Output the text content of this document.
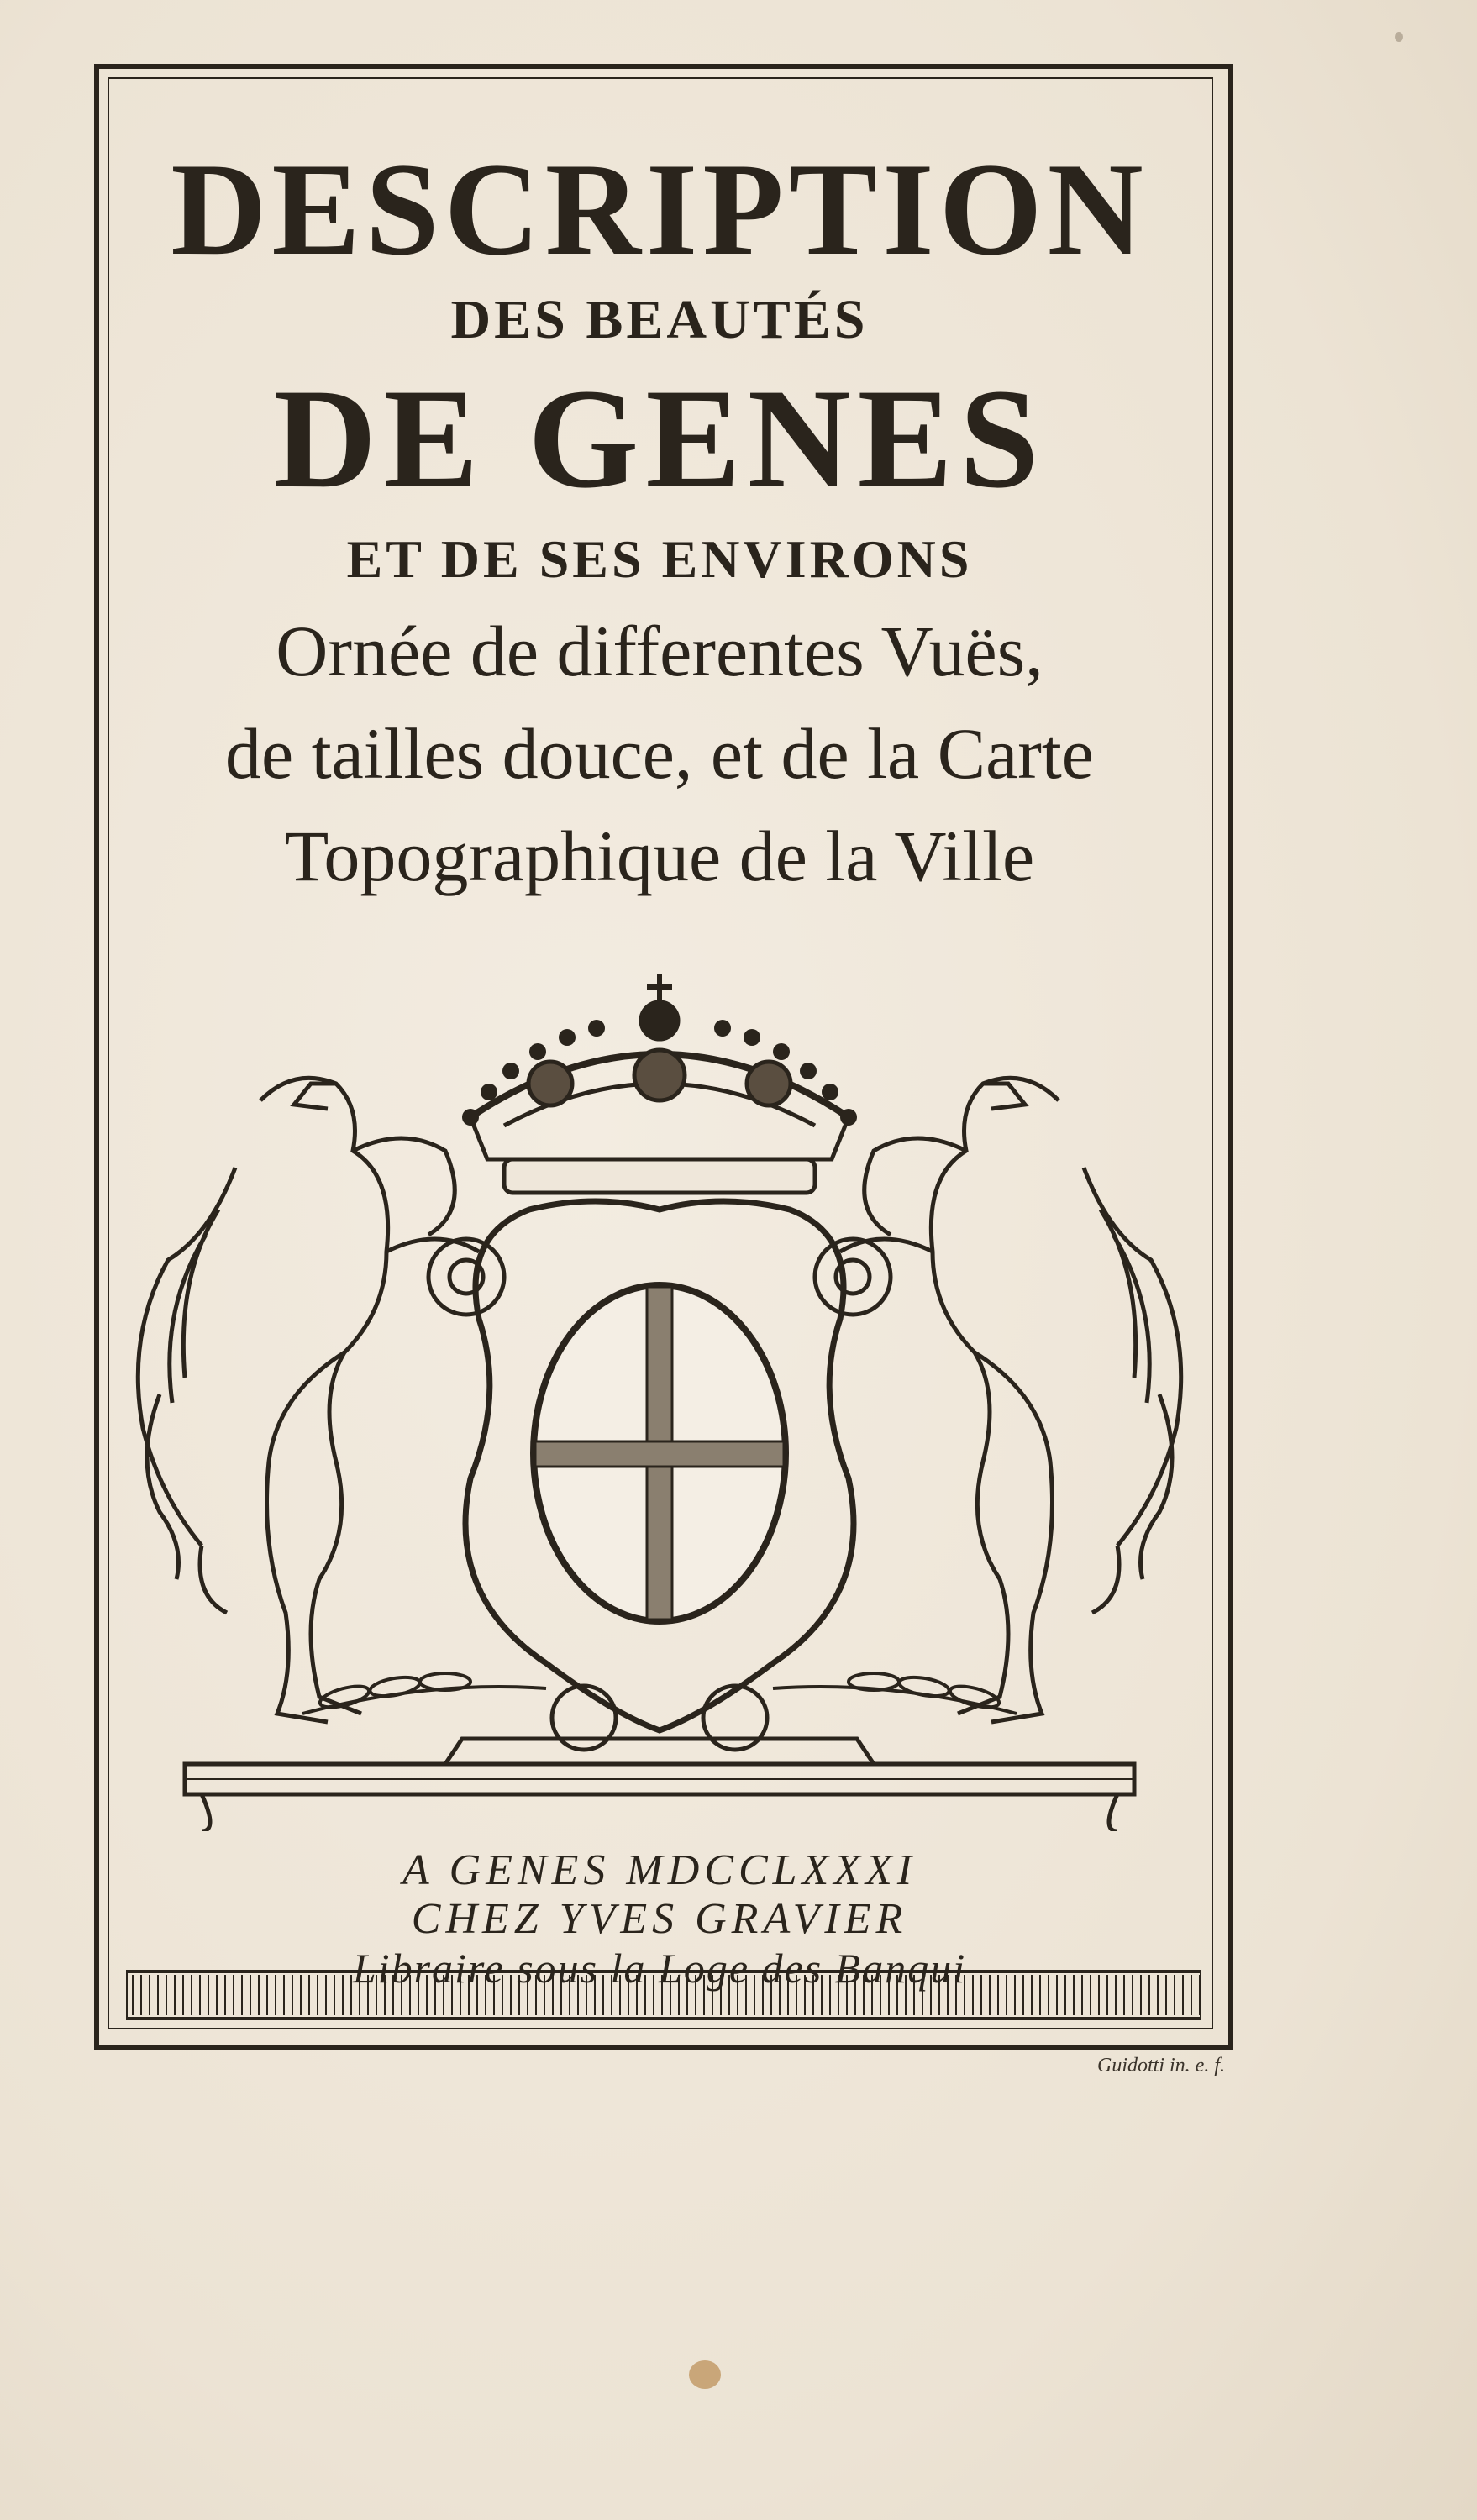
DESCRIPTION
DES BEAUTÉS
DE GENES
ET DE SES ENVIRONS
Ornée de differentes Vuës,
de tailles douce, et de la Carte
Topographique de la Ville
A GENES MDCCLXXXI
CHEZ YVES GRAVIER
Libraire sous la Loge des Banqui
Guidotti in. e. f.
